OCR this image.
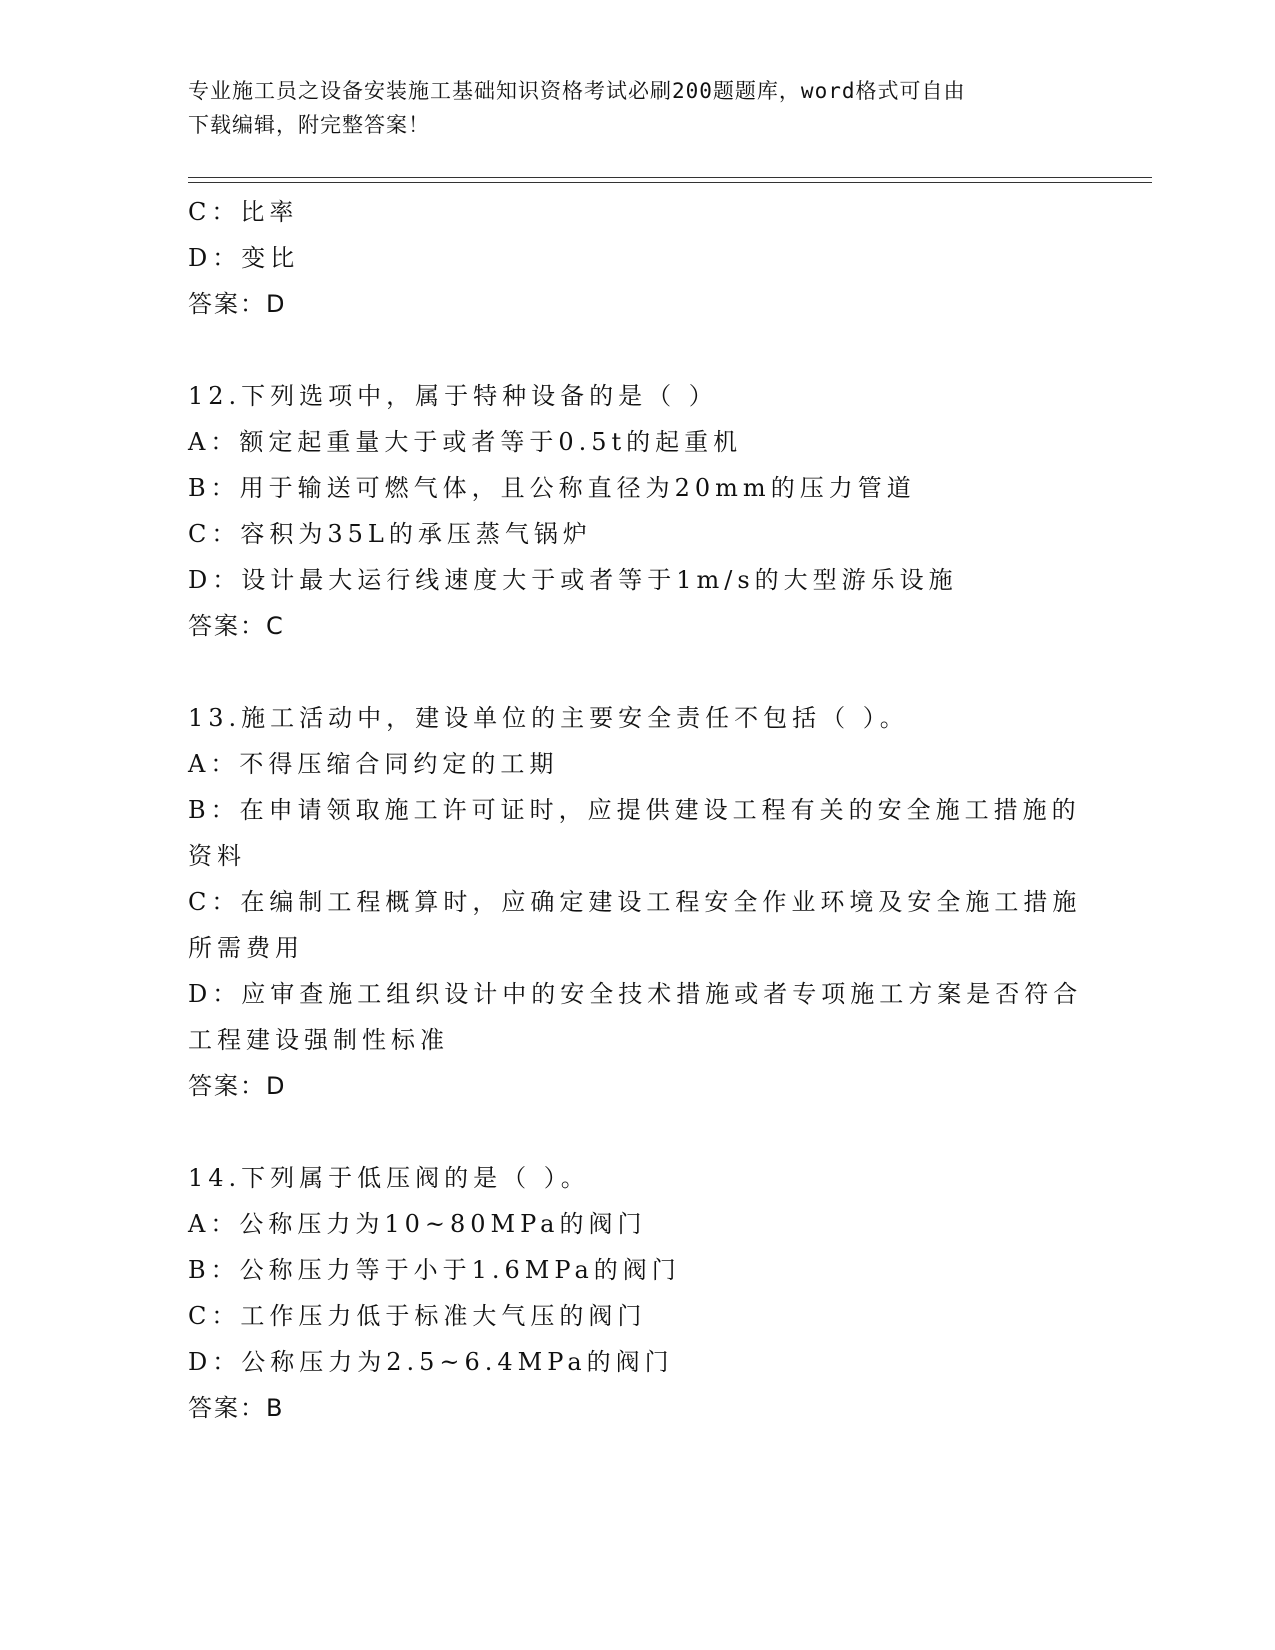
专业施工员之设备安装施工基础知识资格考试必刷200题题库，word格式可自由
下载编辑，附完整答案！
C：比率
D：变比
答案：D
12.下列选项中，属于特种设备的是（ ）
A：额定起重量大于或者等于0.5t的起重机
B：用于输送可燃气体，且公称直径为20mm的压力管道
C：容积为35L的承压蒸气锅炉
D：设计最大运行线速度大于或者等于1m/s的大型游乐设施
答案：C
13.施工活动中，建设单位的主要安全责任不包括（ ）。
A：不得压缩合同约定的工期
B：在申请领取施工许可证时，应提供建设工程有关的安全施工措施的
资料
C：在编制工程概算时，应确定建设工程安全作业环境及安全施工措施
所需费用
D：应审查施工组织设计中的安全技术措施或者专项施工方案是否符合
工程建设强制性标准
答案：D
14.下列属于低压阀的是（ ）。
A：公称压力为10~80MPa的阀门
B：公称压力等于小于1.6MPa的阀门
C：工作压力低于标准大气压的阀门
D：公称压力为2.5~6.4MPa的阀门
答案：B
